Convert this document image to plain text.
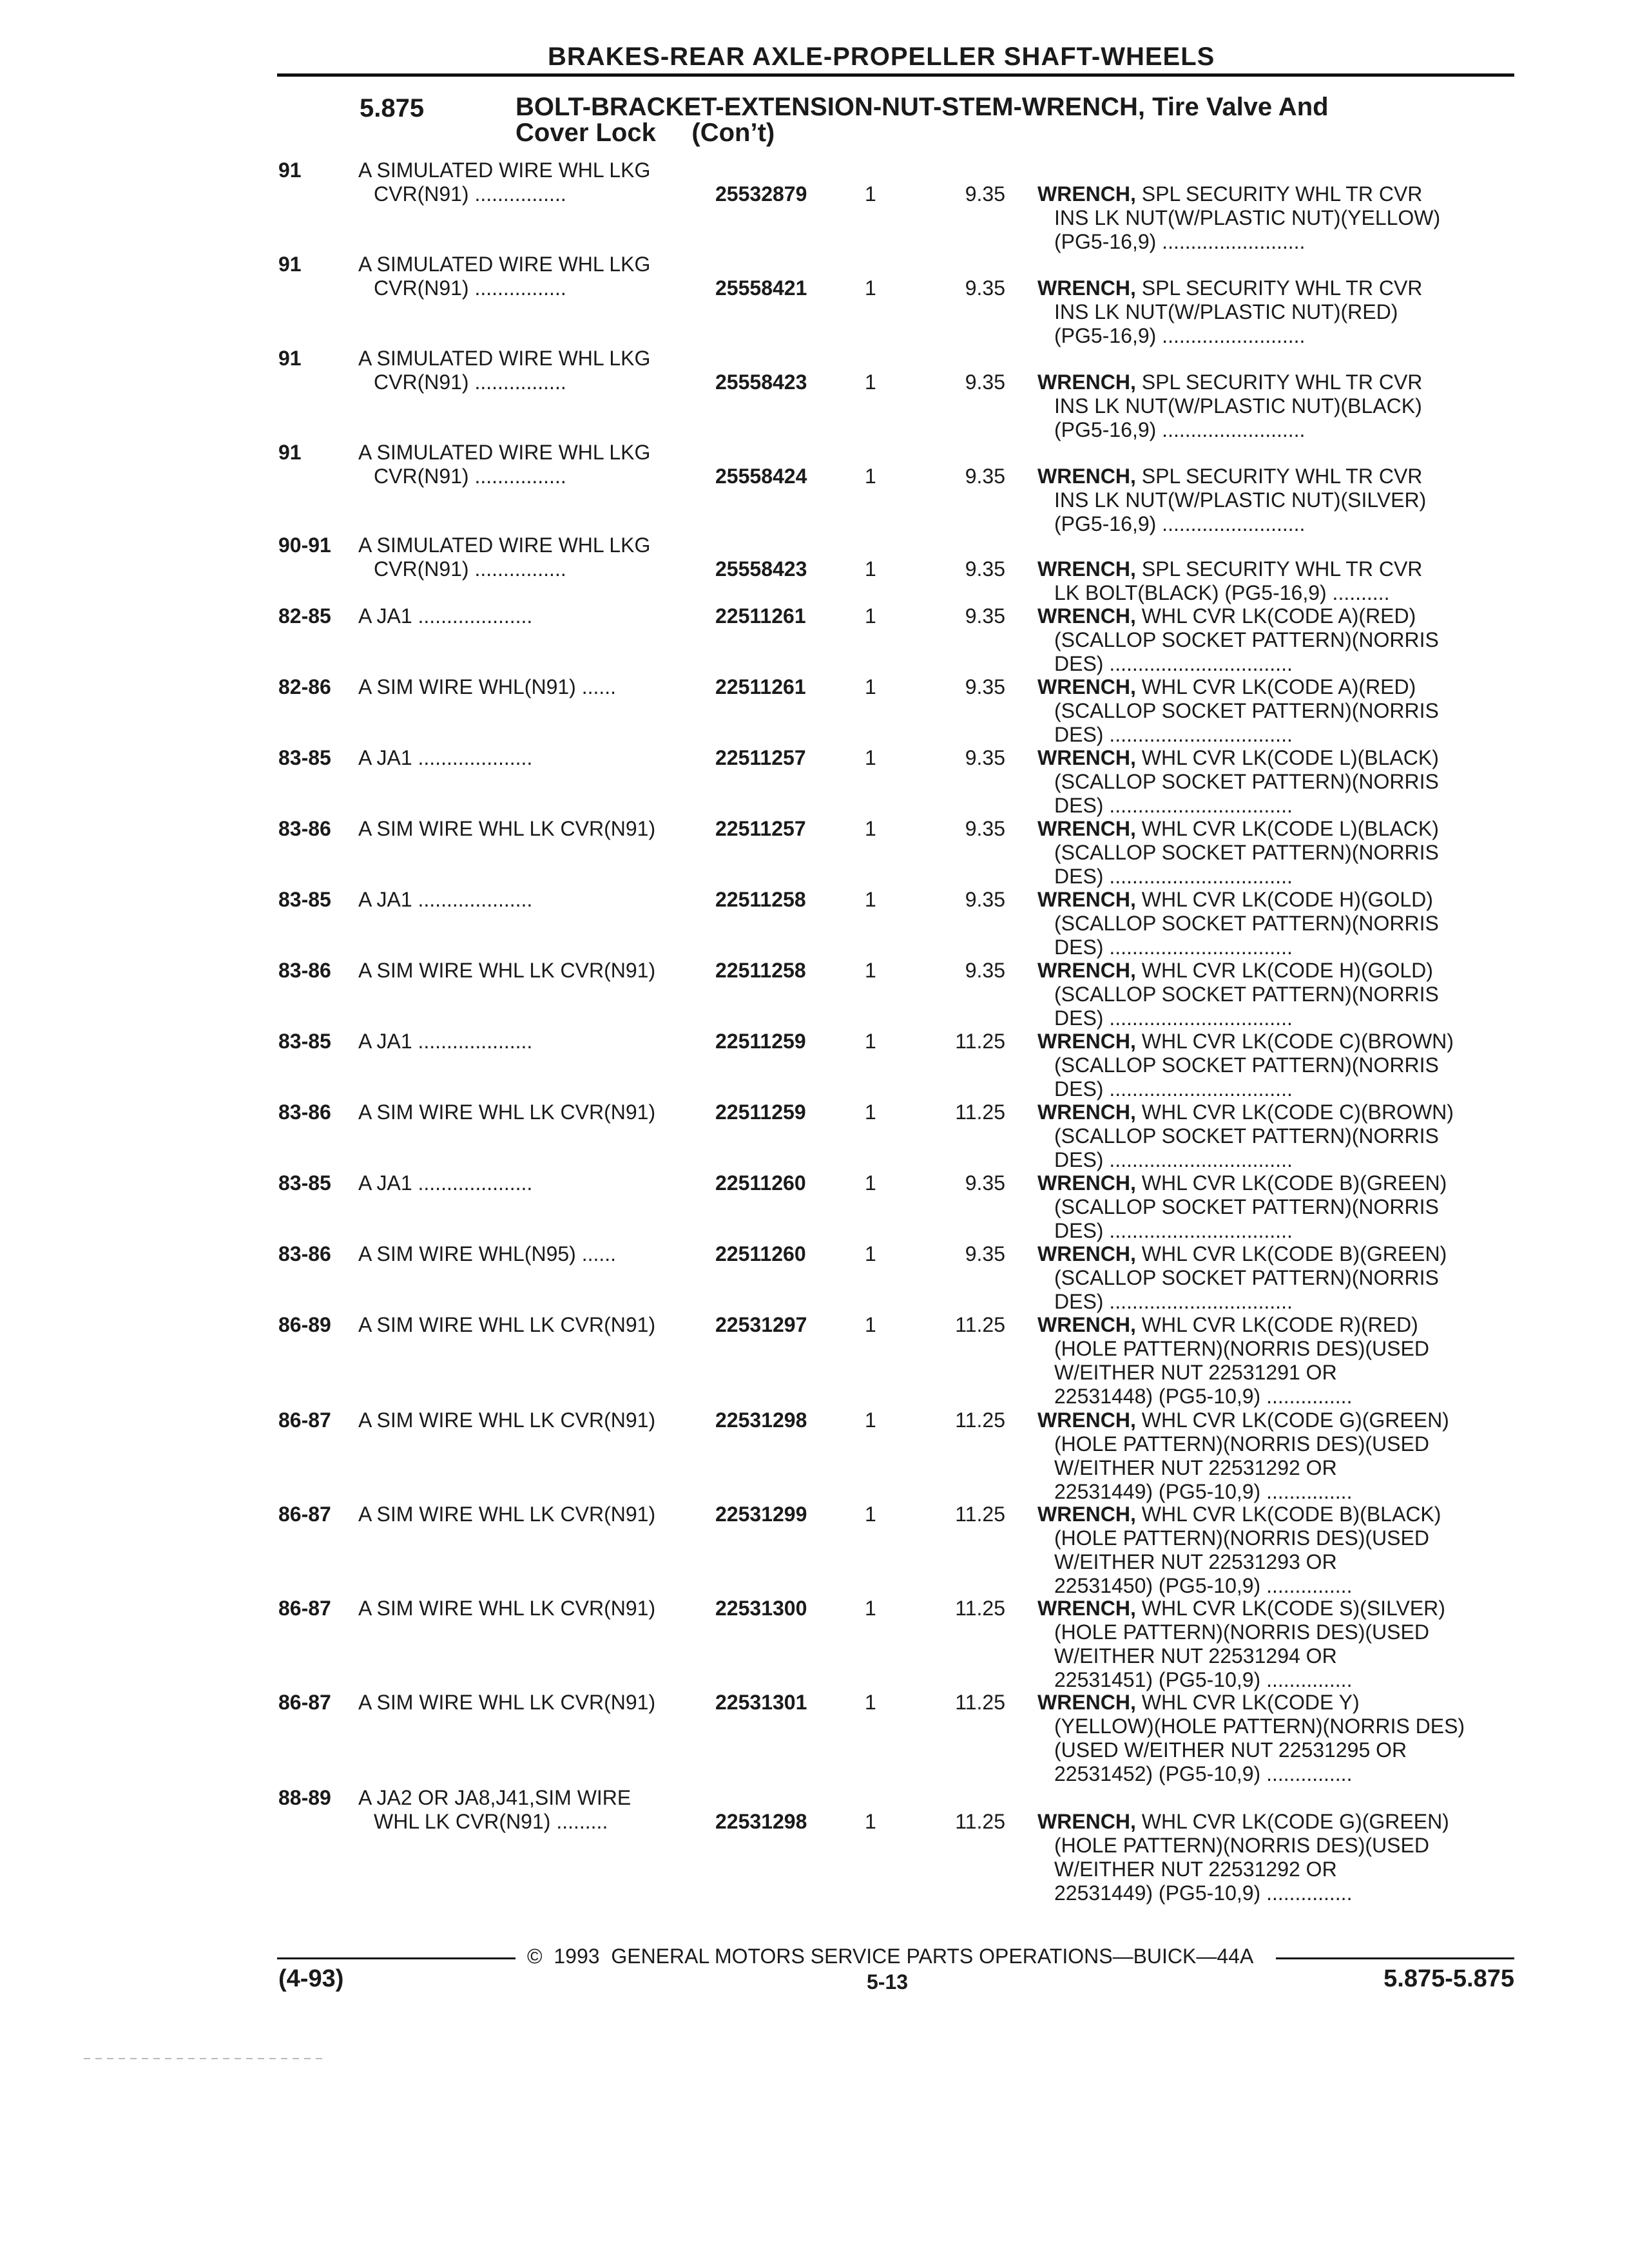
BRAKES-REAR AXLE-PROPELLER SHAFT-WHEELS
5.875	BOLT-BRACKET-EXTENSION-NUT-STEM-WRENCH, Tire Valve And
Cover Lock     (Con’t)
91	A SIMULATED WIRE WHL LKG
CVR(N91) ................	25532879	1	9.35 WRENCH, SPL SECURITY WHL TR CVR
INS LK NUT(W/PLASTIC NUT)(YELLOW)
(PG5-16,9) .........................
91	A SIMULATED WIRE WHL LKG
CVR(N91) ................	25558421	1	9.35 WRENCH, SPL SECURITY WHL TR CVR
INS LK NUT(W/PLASTIC NUT)(RED)
(PG5-16,9) .........................
91	A SIMULATED WIRE WHL LKG
CVR(N91) ................	25558423	1	9.35 WRENCH, SPL SECURITY WHL TR CVR
INS LK NUT(W/PLASTIC NUT)(BLACK)
(PG5-16,9) .........................
91	A SIMULATED WIRE WHL LKG
CVR(N91) ................	25558424	1	9.35 WRENCH, SPL SECURITY WHL TR CVR
INS LK NUT(W/PLASTIC NUT)(SILVER)
(PG5-16,9) .........................
90-91 A SIMULATED WIRE WHL LKG
CVR(N91) ................	25558423	1	9.35 WRENCH, SPL SECURITY WHL TR CVR
LK BOLT(BLACK) (PG5-16,9) ..........
82-85 A JA1 ....................	22511261	1	9.35 WRENCH, WHL CVR LK(CODE A)(RED)
(SCALLOP SOCKET PATTERN)(NORRIS
DES) ................................
82-86 A SIM WIRE WHL(N91) ......	22511261	1	9.35 WRENCH, WHL CVR LK(CODE A)(RED)
(SCALLOP SOCKET PATTERN)(NORRIS
DES) ................................
83-85 A JA1 ....................	22511257	1	9.35 WRENCH, WHL CVR LK(CODE L)(BLACK)
(SCALLOP SOCKET PATTERN)(NORRIS
DES) ................................
83-86 A SIM WIRE WHL LK CVR(N91)	22511257	1	9.35 WRENCH, WHL CVR LK(CODE L)(BLACK)
(SCALLOP SOCKET PATTERN)(NORRIS
DES) ................................
83-85 A JA1 ....................	22511258	1	9.35 WRENCH, WHL CVR LK(CODE H)(GOLD)
(SCALLOP SOCKET PATTERN)(NORRIS
DES) ................................
83-86 A SIM WIRE WHL LK CVR(N91)	22511258	1	9.35 WRENCH, WHL CVR LK(CODE H)(GOLD)
(SCALLOP SOCKET PATTERN)(NORRIS
DES) ................................
83-85 A JA1 ....................	22511259	1	11.25 WRENCH, WHL CVR LK(CODE C)(BROWN)
(SCALLOP SOCKET PATTERN)(NORRIS
DES) ................................
83-86 A SIM WIRE WHL LK CVR(N91)	22511259	1	11.25 WRENCH, WHL CVR LK(CODE C)(BROWN)
(SCALLOP SOCKET PATTERN)(NORRIS
DES) ................................
83-85 A JA1 ....................	22511260	1	9.35 WRENCH, WHL CVR LK(CODE B)(GREEN)
(SCALLOP SOCKET PATTERN)(NORRIS
DES) ................................
83-86 A SIM WIRE WHL(N95) ......	22511260	1	9.35 WRENCH, WHL CVR LK(CODE B)(GREEN)
(SCALLOP SOCKET PATTERN)(NORRIS
DES) ................................
86-89 A SIM WIRE WHL LK CVR(N91)	22531297	1	11.25 WRENCH, WHL CVR LK(CODE R)(RED)
(HOLE PATTERN)(NORRIS DES)(USED
W/EITHER NUT 22531291 OR
22531448) (PG5-10,9) ...............
86-87 A SIM WIRE WHL LK CVR(N91)	22531298	1	11.25 WRENCH, WHL CVR LK(CODE G)(GREEN)
(HOLE PATTERN)(NORRIS DES)(USED
W/EITHER NUT 22531292 OR
22531449) (PG5-10,9) ...............
86-87 A SIM WIRE WHL LK CVR(N91)	22531299	1	11.25 WRENCH, WHL CVR LK(CODE B)(BLACK)
(HOLE PATTERN)(NORRIS DES)(USED
W/EITHER NUT 22531293 OR
22531450) (PG5-10,9) ...............
86-87 A SIM WIRE WHL LK CVR(N91)	22531300	1	11.25 WRENCH, WHL CVR LK(CODE S)(SILVER)
(HOLE PATTERN)(NORRIS DES)(USED
W/EITHER NUT 22531294 OR
22531451) (PG5-10,9) ...............
86-87 A SIM WIRE WHL LK CVR(N91)	22531301	1	11.25 WRENCH, WHL CVR LK(CODE Y)
(YELLOW)(HOLE PATTERN)(NORRIS DES)
(USED W/EITHER NUT 22531295 OR
22531452) (PG5-10,9) ...............
88-89 A JA2 OR JA8,J41,SIM WIRE
WHL LK CVR(N91) .........	22531298	1	11.25 WRENCH, WHL CVR LK(CODE G)(GREEN)
(HOLE PATTERN)(NORRIS DES)(USED
W/EITHER NUT 22531292 OR
22531449) (PG5-10,9) ...............
©  1993  GENERAL MOTORS SERVICE PARTS OPERATIONS—BUICK—44A
(4-93)	5-13	5.875-5.875
